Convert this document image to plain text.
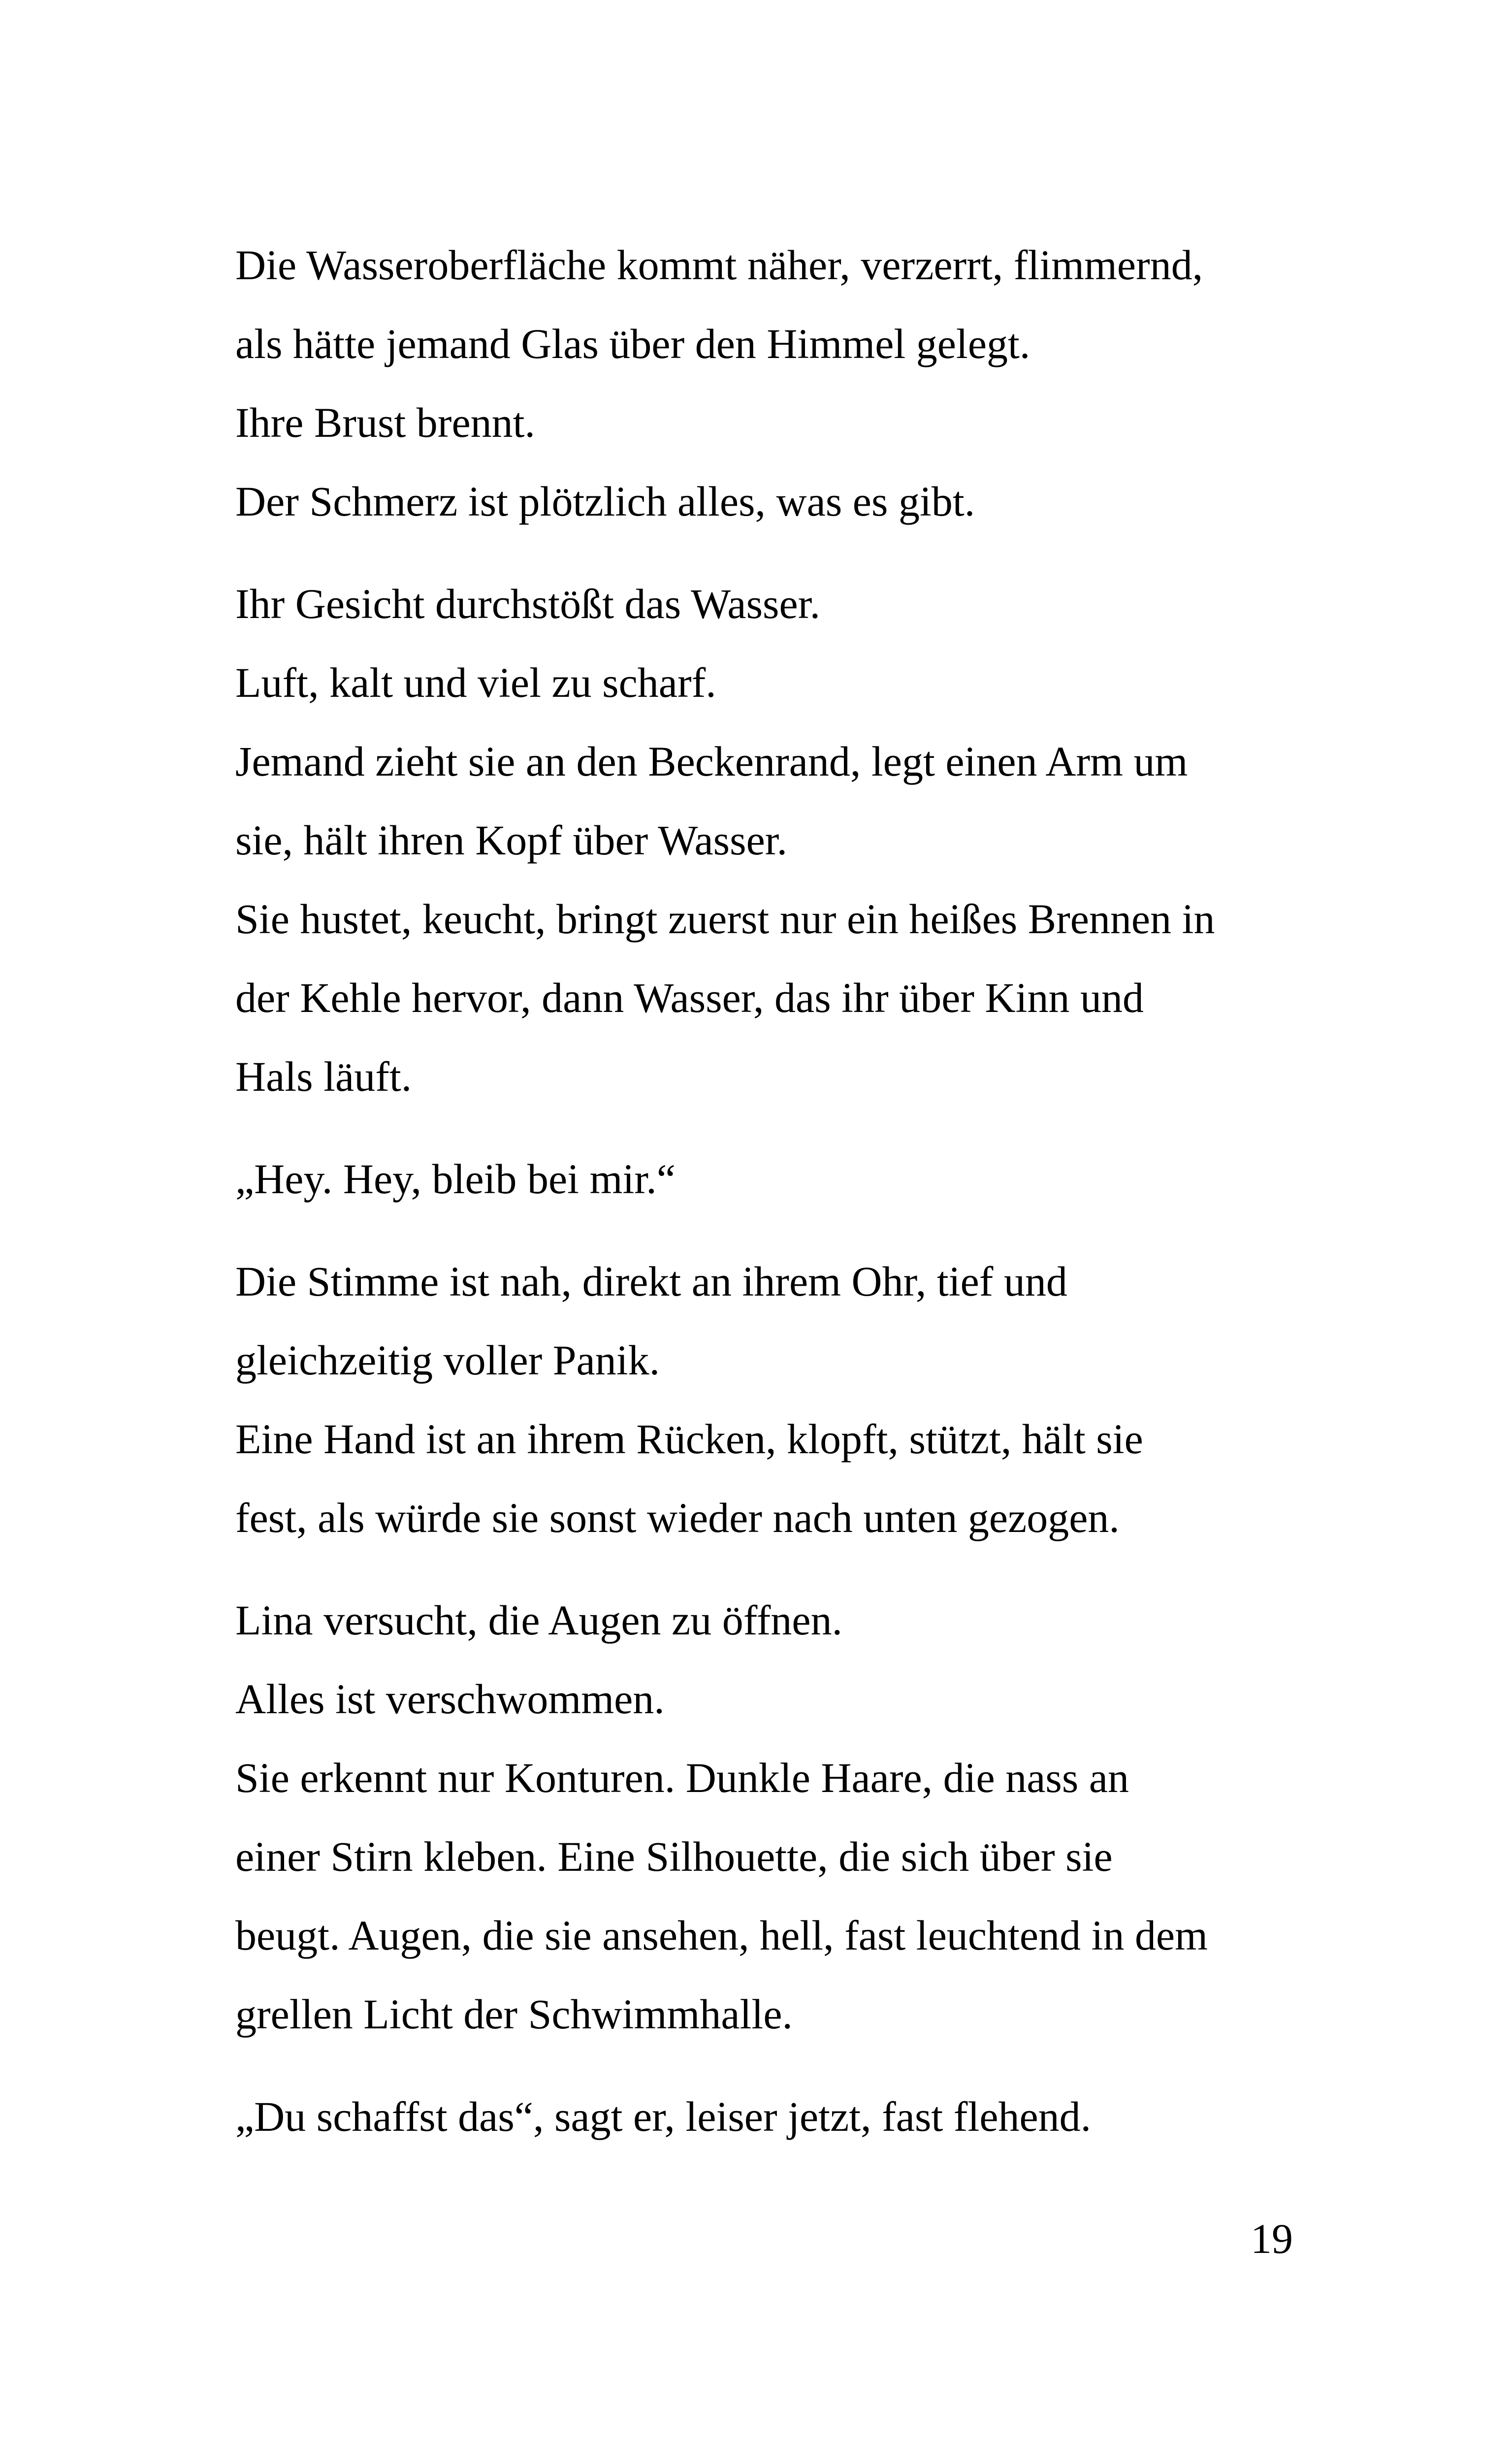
Die Wasseroberfläche kommt näher, verzerrt, flimmernd,
als hätte jemand Glas über den Himmel gelegt.
Ihre Brust brennt.
Der Schmerz ist plötzlich alles, was es gibt.

Ihr Gesicht durchstößt das Wasser.
Luft, kalt und viel zu scharf.
Jemand zieht sie an den Beckenrand, legt einen Arm um
sie, hält ihren Kopf über Wasser.
Sie hustet, keucht, bringt zuerst nur ein heißes Brennen in
der Kehle hervor, dann Wasser, das ihr über Kinn und
Hals läuft.

„Hey. Hey, bleib bei mir.“

Die Stimme ist nah, direkt an ihrem Ohr, tief und
gleichzeitig voller Panik.
Eine Hand ist an ihrem Rücken, klopft, stützt, hält sie
fest, als würde sie sonst wieder nach unten gezogen.

Lina versucht, die Augen zu öffnen.
Alles ist verschwommen.
Sie erkennt nur Konturen. Dunkle Haare, die nass an
einer Stirn kleben. Eine Silhouette, die sich über sie
beugt. Augen, die sie ansehen, hell, fast leuchtend in dem
grellen Licht der Schwimmhalle.

„Du schaffst das“, sagt er, leiser jetzt, fast flehend.

19
